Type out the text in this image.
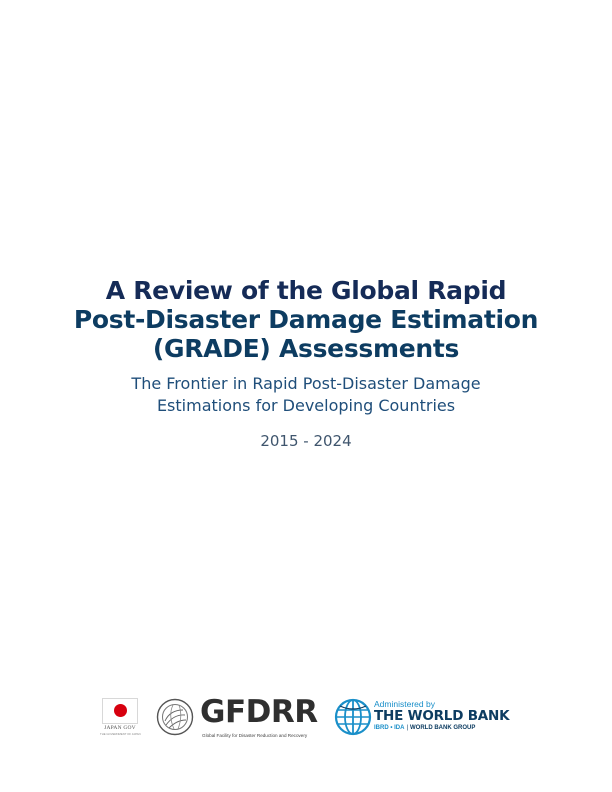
A Review of the Global Rapid
Post-Disaster Damage Estimation
(GRADE) Assessments
The Frontier in Rapid Post-Disaster Damage
Estimations for Developing Countries
2015 - 2024
JAPAN GOV
THE GOVERNMENT OF JAPAN
GFDRR
Global Facility for Disaster Reduction and Recovery
Administered by
THE WORLD BANK
IBRD • IDA | WORLD BANK GROUP
